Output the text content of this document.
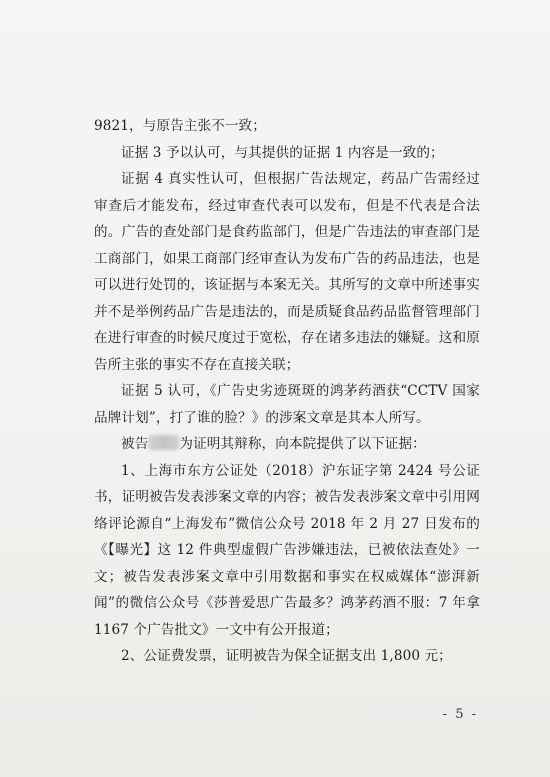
9821，与原告主张不一致；

证据 3 予以认可，与其提供的证据 1 内容是一致的；

证据 4 真实性认可，但根据广告法规定，药品广告需经过审查后才能发布，经过审查代表可以发布，但是不代表是合法的。广告的查处部门是食药监部门，但是广告违法的审查部门是工商部门，如果工商部门经审查认为发布广告的药品违法，也是可以进行处罚的，该证据与本案无关。其所写的文章中所述事实并不是举例药品广告是违法的，而是质疑食品药品监督管理部门在进行审查的时候尺度过于宽松，存在诸多违法的嫌疑。这和原告所主张的事实不存在直接关联；

证据 5 认可，《广告史劣迹斑斑的鸿茅药酒获“CCTV 国家品牌计划”，打了谁的脸？》的涉案文章是其本人所写。

被告 为证明其辩称，向本院提供了以下证据：

1、上海市东方公证处（2018）沪东证字第 2424 号公证书，证明被告发表涉案文章的内容；被告发表涉案文章中引用网络评论源自“上海发布”微信公众号 2018 年 2 月 27 日发布的《【曝光】这 12 件典型虚假广告涉嫌违法，已被依法查处》一文；被告发表涉案文章中引用数据和事实在权威媒体“澎湃新闻”的微信公众号《莎普爱思广告最多？鸿茅药酒不服：7 年拿 1167 个广告批文》一文中有公开报道；

2、公证费发票，证明被告为保全证据支出 1,800 元；

- 5 -
